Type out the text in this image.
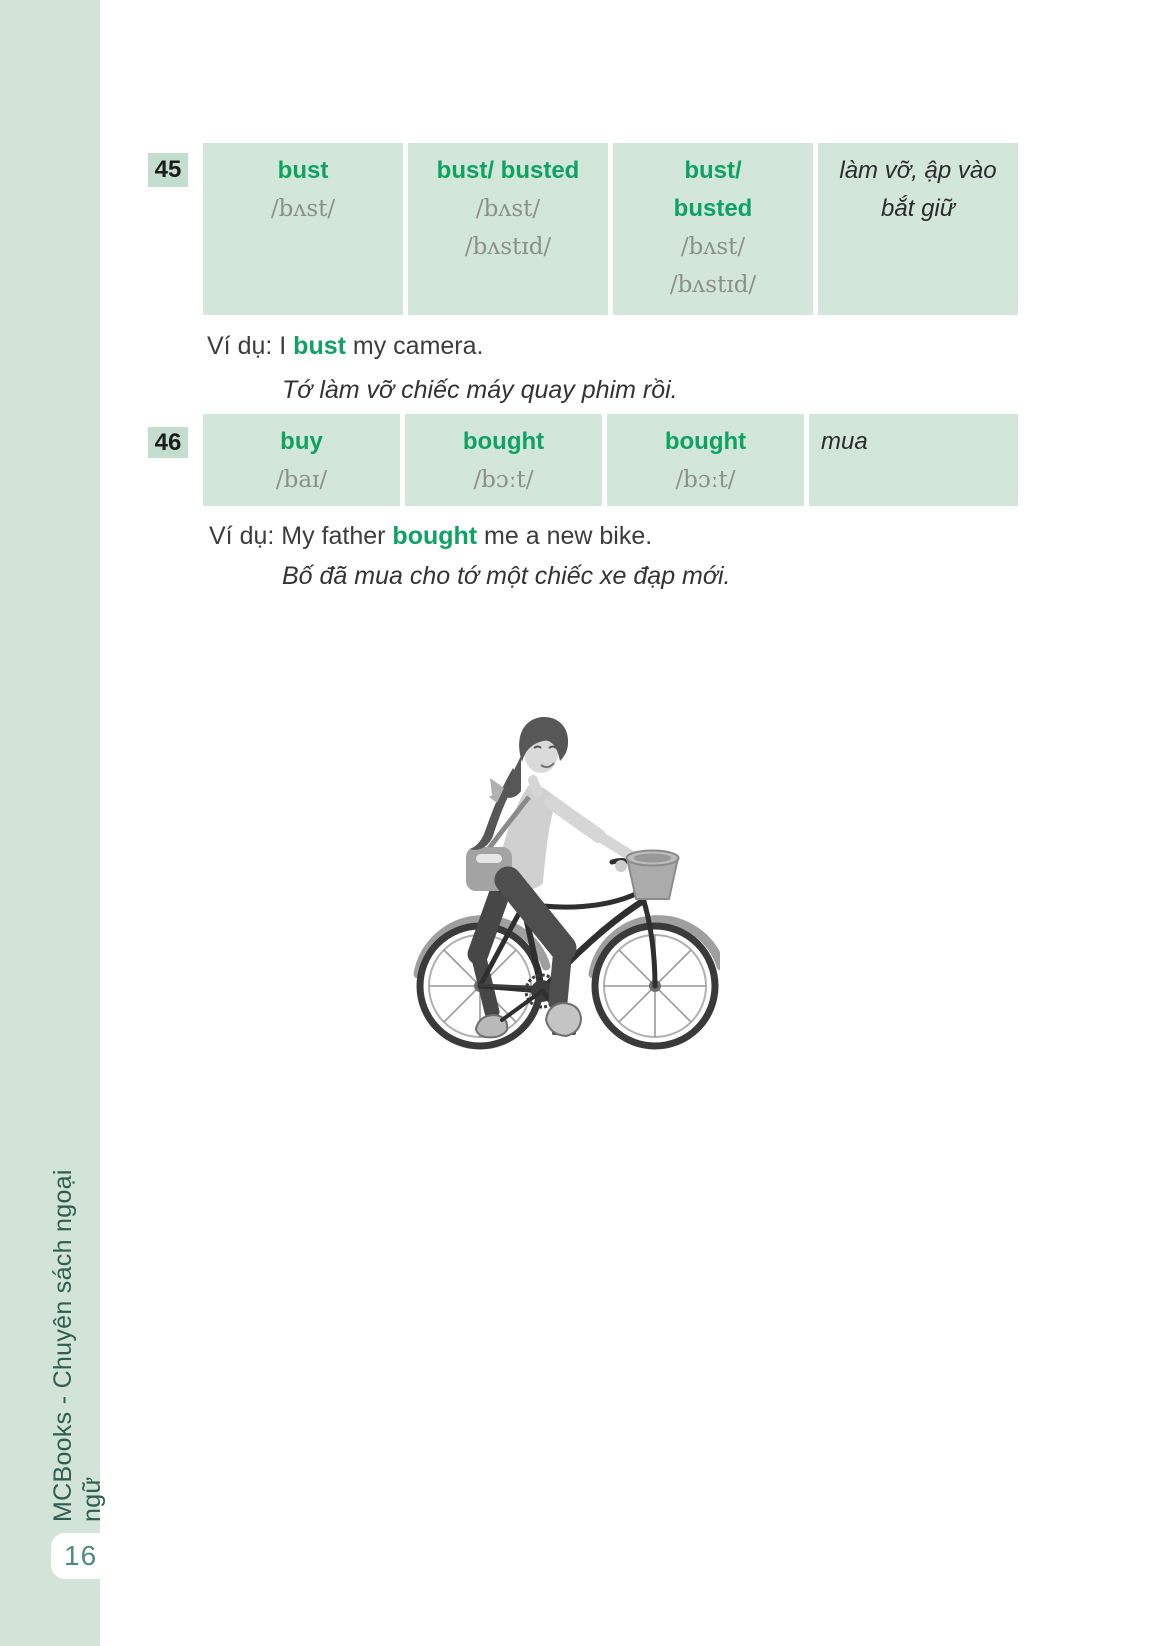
MCBooks - Chuyên sách ngoại ngữ
16
45	bust
/bʌst/
bust/ busted
/bʌst/
/bʌstɪd/
bust/
busted
/bʌst/
/bʌstɪd/
làm vỡ, ập vào
bắt giữ
Ví dụ: I bust my camera.
Tớ làm vỡ chiếc máy quay phim rồi.
46	buy
/baɪ/
bought
/bɔːt/
bought
/bɔːt/
mua
Ví dụ: My father bought me a new bike.
Bố đã mua cho tớ một chiếc xe đạp mới.
